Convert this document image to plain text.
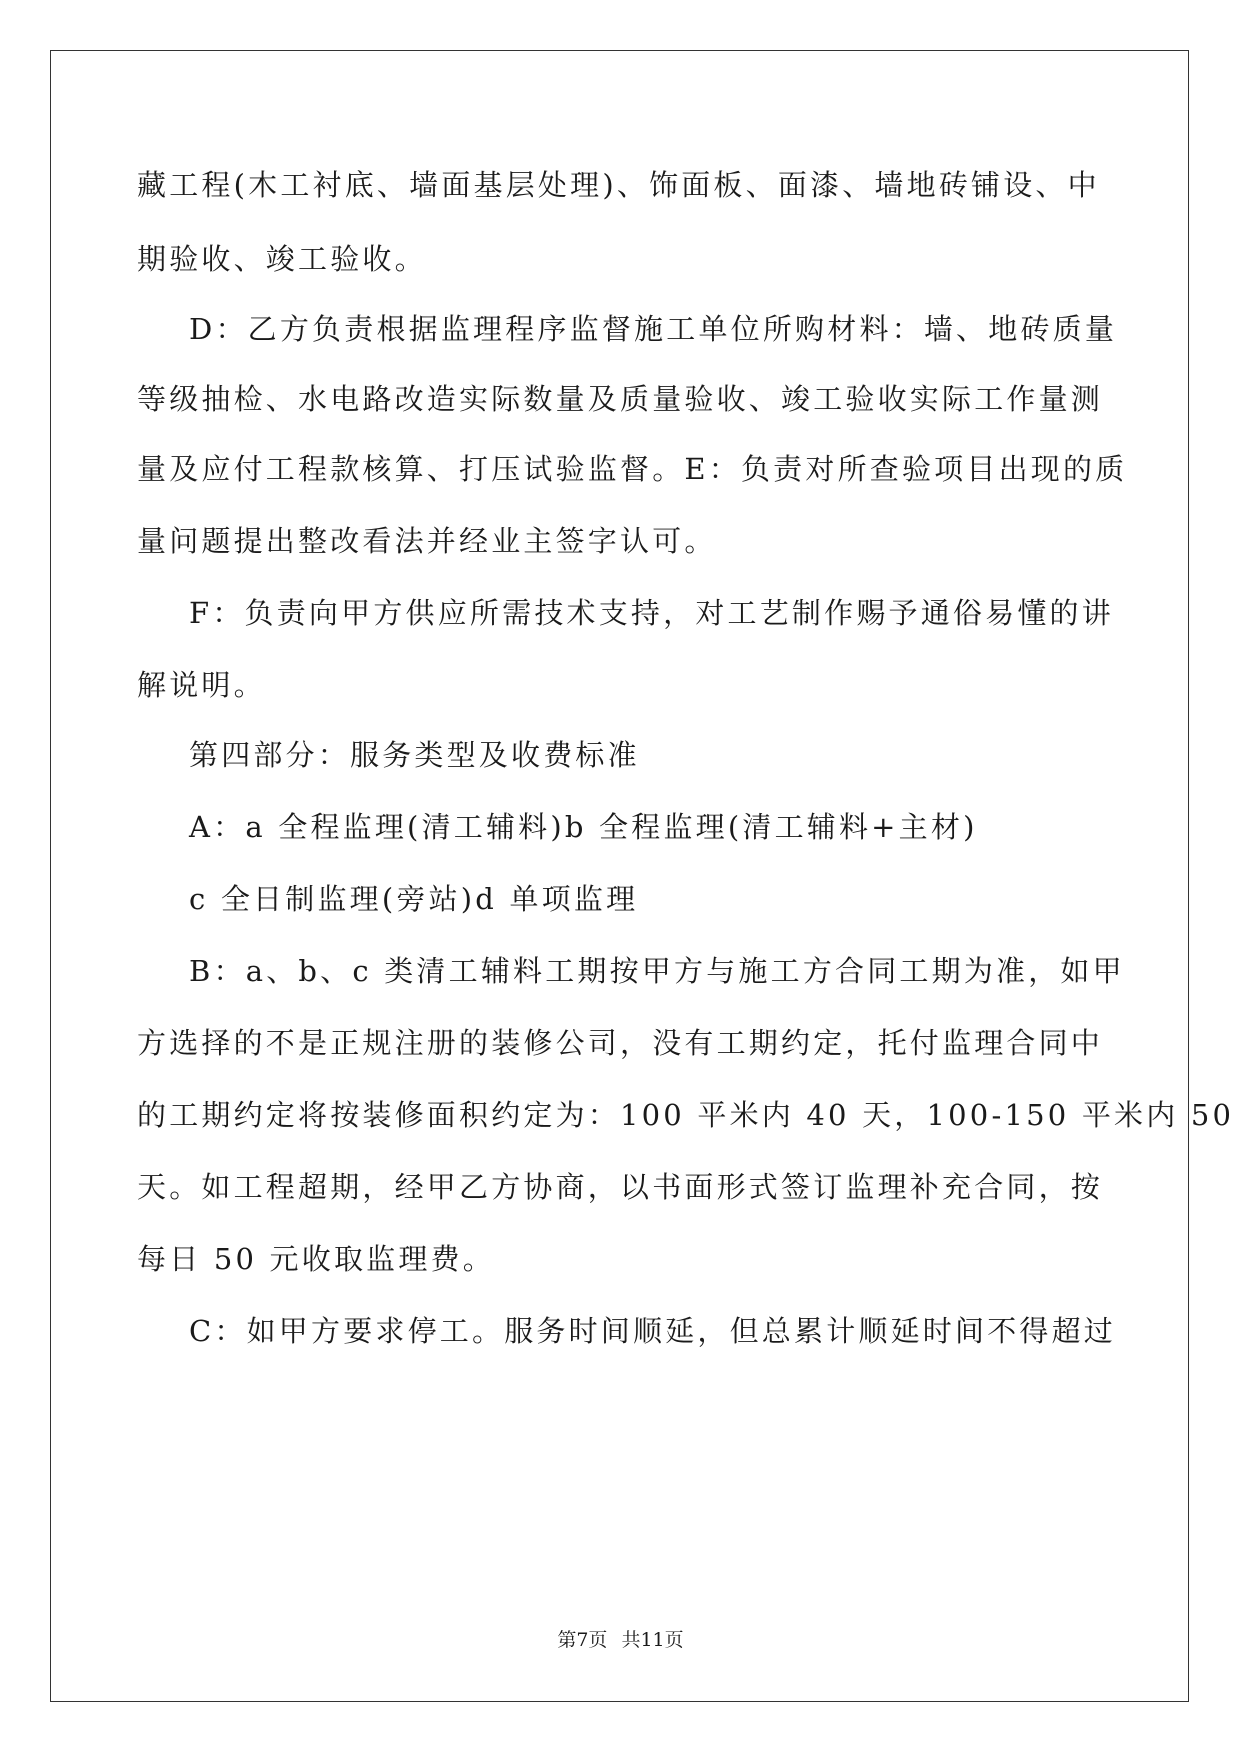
藏工程(木工衬底、墙面基层处理)、饰面板、面漆、墙地砖铺设、中
期验收、竣工验收。
D：乙方负责根据监理程序监督施工单位所购材料：墙、地砖质量
等级抽检、水电路改造实际数量及质量验收、竣工验收实际工作量测
量及应付工程款核算、打压试验监督。E：负责对所查验项目出现的质
量问题提出整改看法并经业主签字认可。
F：负责向甲方供应所需技术支持，对工艺制作赐予通俗易懂的讲
解说明。
第四部分：服务类型及收费标准
A：a 全程监理(清工辅料)b 全程监理(清工辅料+主材)
c 全日制监理(旁站)d 单项监理
B：a、b、c 类清工辅料工期按甲方与施工方合同工期为准，如甲
方选择的不是正规注册的装修公司，没有工期约定，托付监理合同中
的工期约定将按装修面积约定为：100 平米内 40 天，100-150 平米内 50
天。如工程超期，经甲乙方协商，以书面形式签订监理补充合同，按
每日 50 元收取监理费。
C：如甲方要求停工。服务时间顺延，但总累计顺延时间不得超过
第7页 共11页
